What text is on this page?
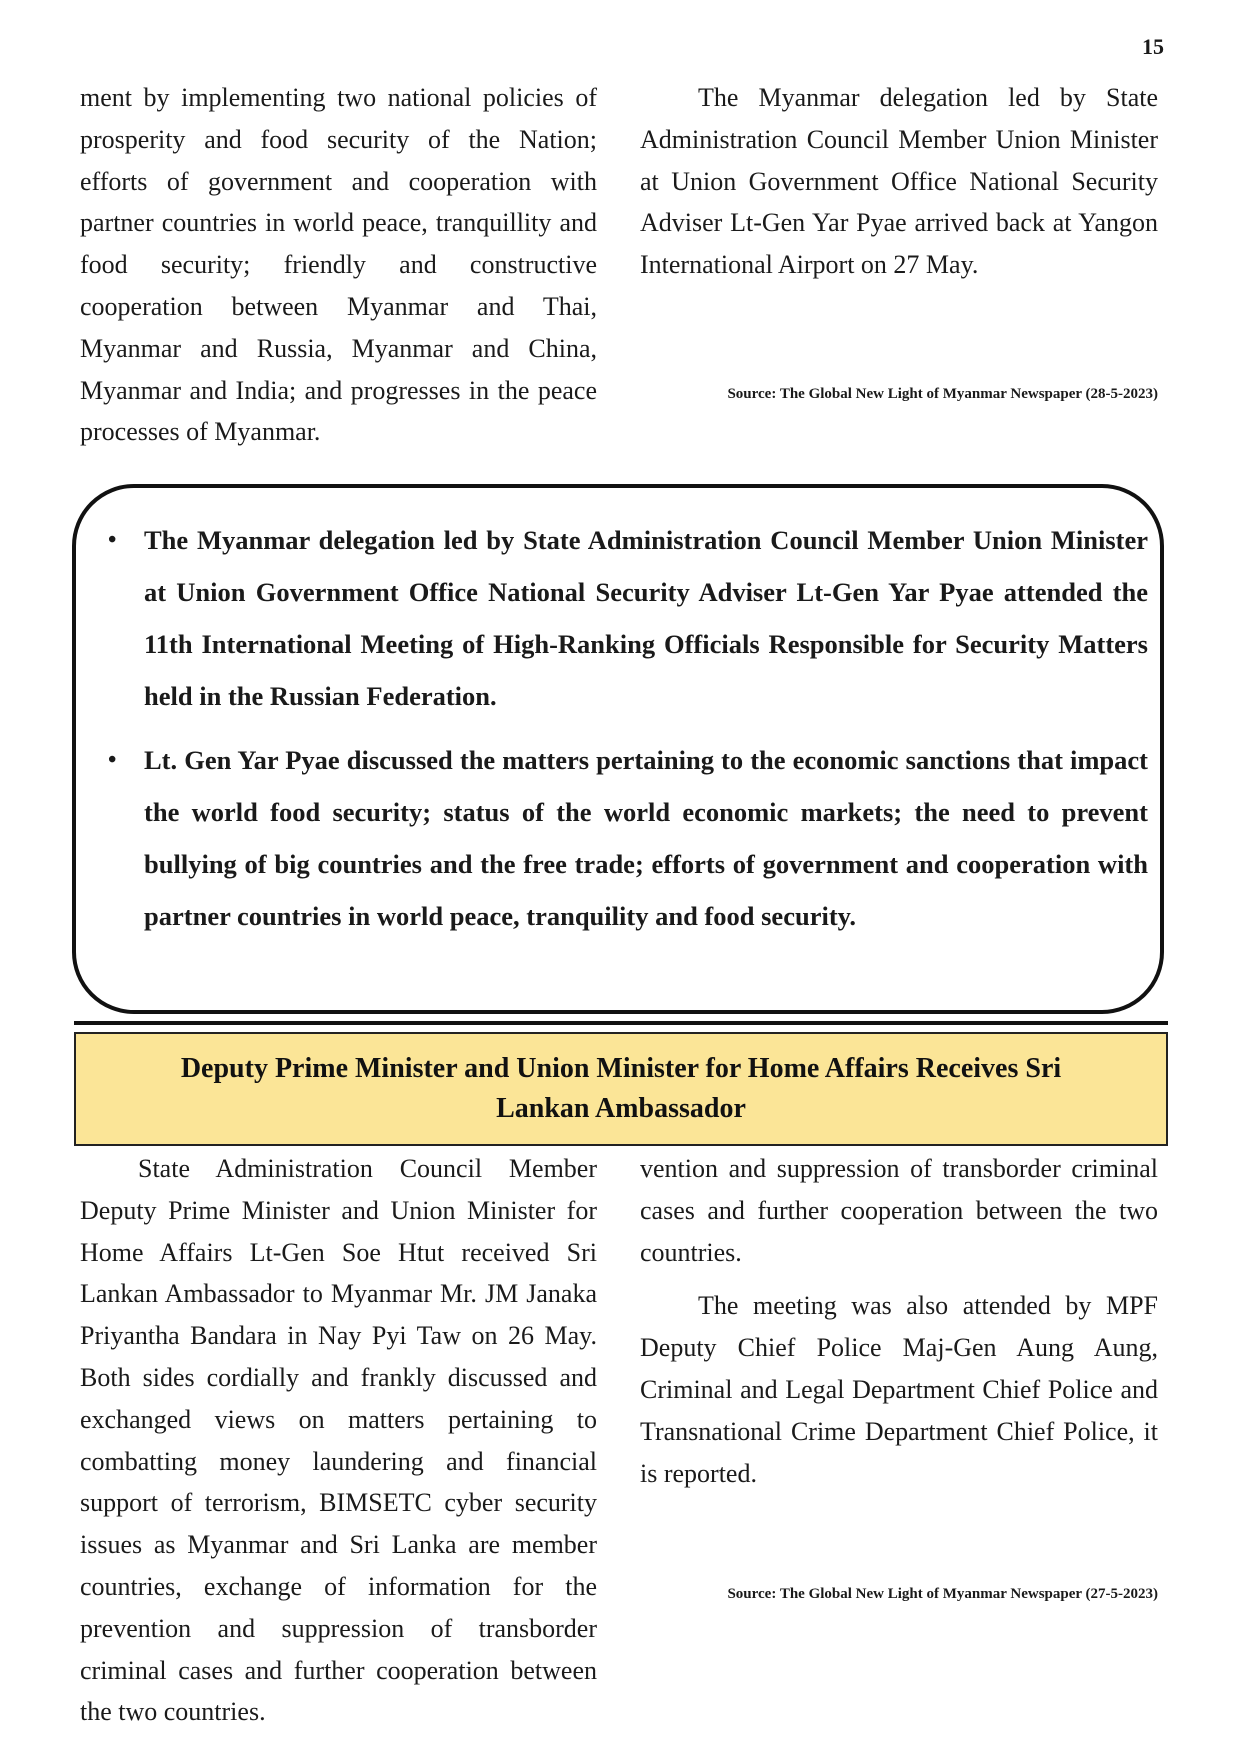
15

ment by implementing two national policies of prosperity and food security of the Nation; efforts of government and cooperation with partner countries in world peace, tranquillity and food security; friendly and constructive cooperation between Myanmar and Thai, Myanmar and Russia, Myanmar and China, Myanmar and India; and progresses in the peace processes of Myanmar.

The Myanmar delegation led by State Administration Council Member Union Minister at Union Government Office National Security Adviser Lt-Gen Yar Pyae arrived back at Yangon International Airport on 27 May.

Source: The Global New Light of Myanmar Newspaper (28-5-2023)
• The Myanmar delegation led by State Administration Council Member Union Minister at Union Government Office National Security Adviser Lt-Gen Yar Pyae attended the 11th International Meeting of High-Ranking Officials Responsible for Security Matters held in the Russian Federation.
• Lt. Gen Yar Pyae discussed the matters pertaining to the economic sanctions that impact the world food security; status of the world economic markets; the need to prevent bullying of big countries and the free trade; efforts of government and cooperation with partner countries in world peace, tranquility and food security.
Deputy Prime Minister and Union Minister for Home Affairs Receives Sri Lankan Ambassador

State Administration Council Member Deputy Prime Minister and Union Minister for Home Affairs Lt-Gen Soe Htut received Sri Lankan Ambassador to Myanmar Mr. JM Janaka Priyantha Bandara in Nay Pyi Taw on 26 May. Both sides cordially and frankly discussed and exchanged views on matters pertaining to combatting money laundering and financial support of terrorism, BIMSETC cyber security issues as Myanmar and Sri Lanka are member countries, exchange of information for the prevention and suppression of transborder criminal cases and further cooperation between the two countries.

vention and suppression of transborder criminal cases and further cooperation between the two countries.

The meeting was also attended by MPF Deputy Chief Police Maj-Gen Aung Aung, Criminal and Legal Department Chief Police and Transnational Crime Department Chief Police, it is reported.

Source: The Global New Light of Myanmar Newspaper (27-5-2023)
